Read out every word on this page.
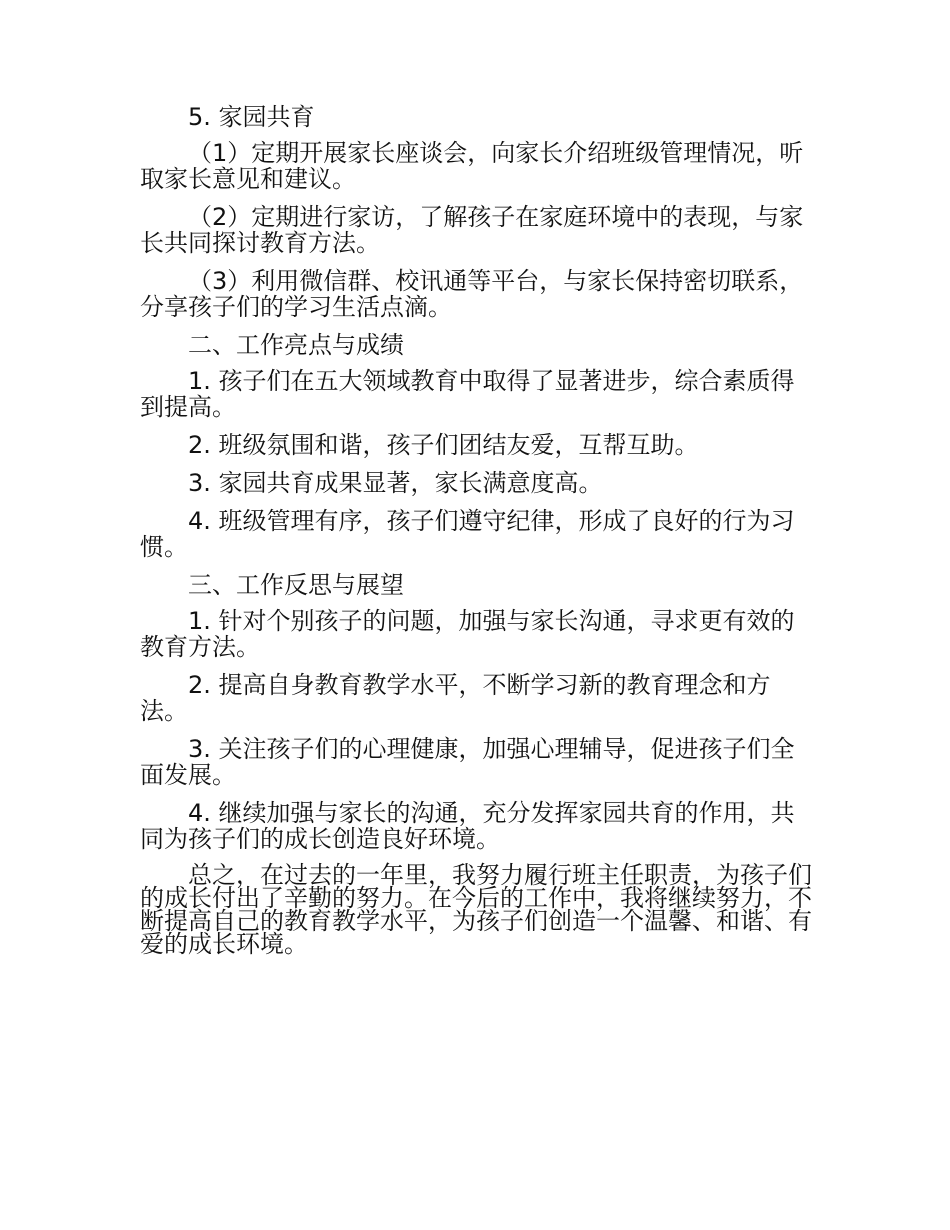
5. 家园共育

（1）定期开展家长座谈会，向家长介绍班级管理情况，听取家长意见和建议。

（2）定期进行家访，了解孩子在家庭环境中的表现，与家长共同探讨教育方法。

（3）利用微信群、校讯通等平台，与家长保持密切联系，分享孩子们的学习生活点滴。

二、工作亮点与成绩

1. 孩子们在五大领域教育中取得了显著进步，综合素质得到提高。

2. 班级氛围和谐，孩子们团结友爱，互帮互助。

3. 家园共育成果显著，家长满意度高。

4. 班级管理有序，孩子们遵守纪律，形成了良好的行为习惯。

三、工作反思与展望

1. 针对个别孩子的问题，加强与家长沟通，寻求更有效的教育方法。

2. 提高自身教育教学水平，不断学习新的教育理念和方法。

3. 关注孩子们的心理健康，加强心理辅导，促进孩子们全面发展。

4. 继续加强与家长的沟通，充分发挥家园共育的作用，共同为孩子们的成长创造良好环境。

总之，在过去的一年里，我努力履行班主任职责，为孩子们的成长付出了辛勤的努力。在今后的工作中，我将继续努力，不断提高自己的教育教学水平，为孩子们创造一个温馨、和谐、有爱的成长环境。
